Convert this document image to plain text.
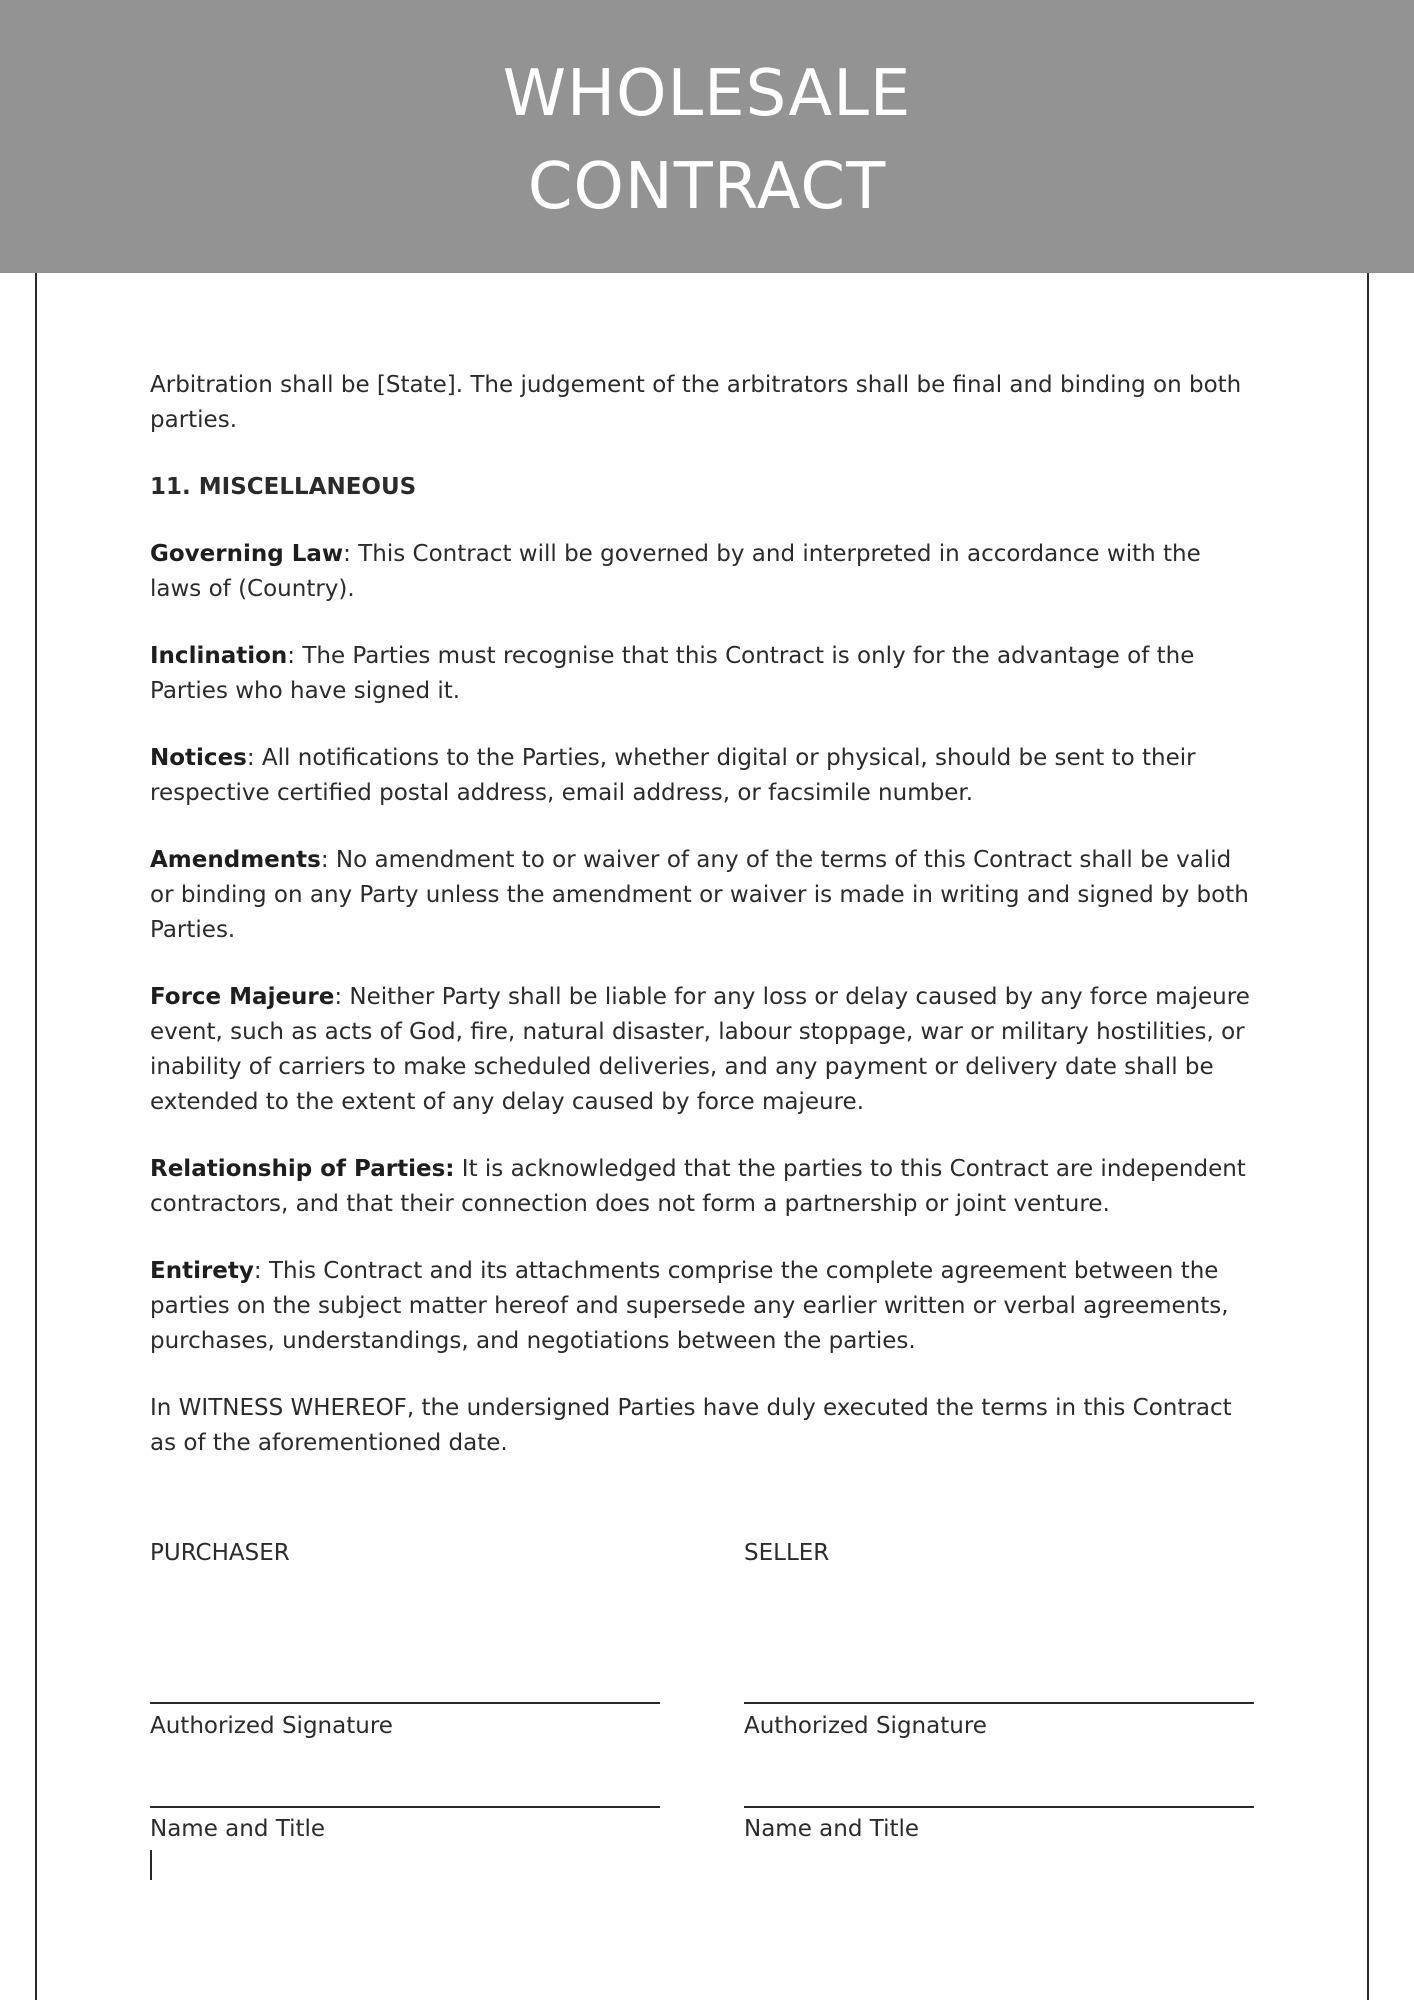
WHOLESALE
CONTRACT

Arbitration shall be [State]. The judgement of the arbitrators shall be final and binding on both parties.

11. MISCELLANEOUS

Governing Law: This Contract will be governed by and interpreted in accordance with the laws of (Country).

Inclination: The Parties must recognise that this Contract is only for the advantage of the Parties who have signed it.

Notices: All notifications to the Parties, whether digital or physical, should be sent to their respective certified postal address, email address, or facsimile number.

Amendments: No amendment to or waiver of any of the terms of this Contract shall be valid or binding on any Party unless the amendment or waiver is made in writing and signed by both Parties.

Force Majeure: Neither Party shall be liable for any loss or delay caused by any force majeure event, such as acts of God, fire, natural disaster, labour stoppage, war or military hostilities, or inability of carriers to make scheduled deliveries, and any payment or delivery date shall be extended to the extent of any delay caused by force majeure.

Relationship of Parties: It is acknowledged that the parties to this Contract are independent contractors, and that their connection does not form a partnership or joint venture.

Entirety: This Contract and its attachments comprise the complete agreement between the parties on the subject matter hereof and supersede any earlier written or verbal agreements, purchases, understandings, and negotiations between the parties.

In WITNESS WHEREOF, the undersigned Parties have duly executed the terms in this Contract as of the aforementioned date.

PURCHASER
Authorized Signature
Name and Title
SELLER
Authorized Signature
Name and Title
